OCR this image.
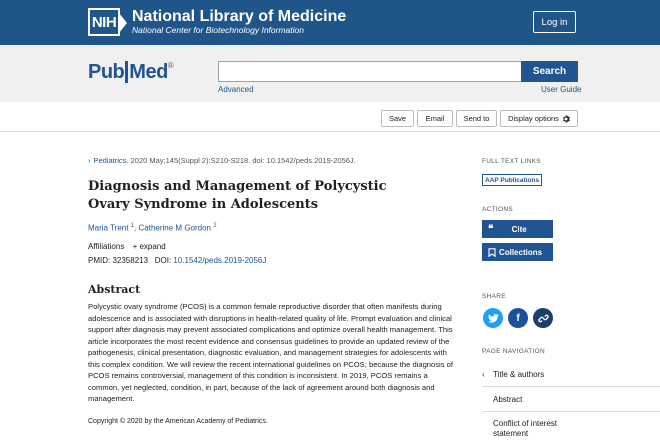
NIH National Library of Medicine
National Center for Biotechnology Information
Log in
Pub Med®
Search
Advanced	User Guide
Save	Email	Send to Display options
› Pediatrics. 2020 May;145(Suppl 2):S210-S218. doi: 10.1542/peds.2019-2056J.
Diagnosis and Management of Polycystic Ovary Syndrome in Adolescents
Maria Trent $^1$, Catherine M Gordon $^2$
Affiliations + expand
PMID: 32358213 DOI: 10.1542/peds.2019-2056J
Abstract

Polycystic ovary syndrome (PCOS) is a common female reproductive disorder that often manifests during adolescence and is associated with disruptions in health-related quality of life. Prompt evaluation and clinical support after diagnosis may prevent associated complications and optimize overall health management. This article incorporates the most recent evidence and consensus guidelines to provide an updated review of the pathogenesis, clinical presentation, diagnostic evaluation, and management strategies for adolescents with this complex condition. We will review the recent international guidelines on PCOS; because the diagnosis of PCOS remains controversial, management of this condition is inconsistent. In 2019, PCOS remains a common, yet neglected, condition, in part, because of the lack of agreement around both diagnosis and management.

Copyright © 2020 by the American Academy of Pediatrics.

FULL TEXT LINKS
AAP Publications
ACTIONS
❝	Cite
Collections
SHARE
f
PAGE NAVIGATION
‹ Title & authors
Abstract
Conflict of interest statement
